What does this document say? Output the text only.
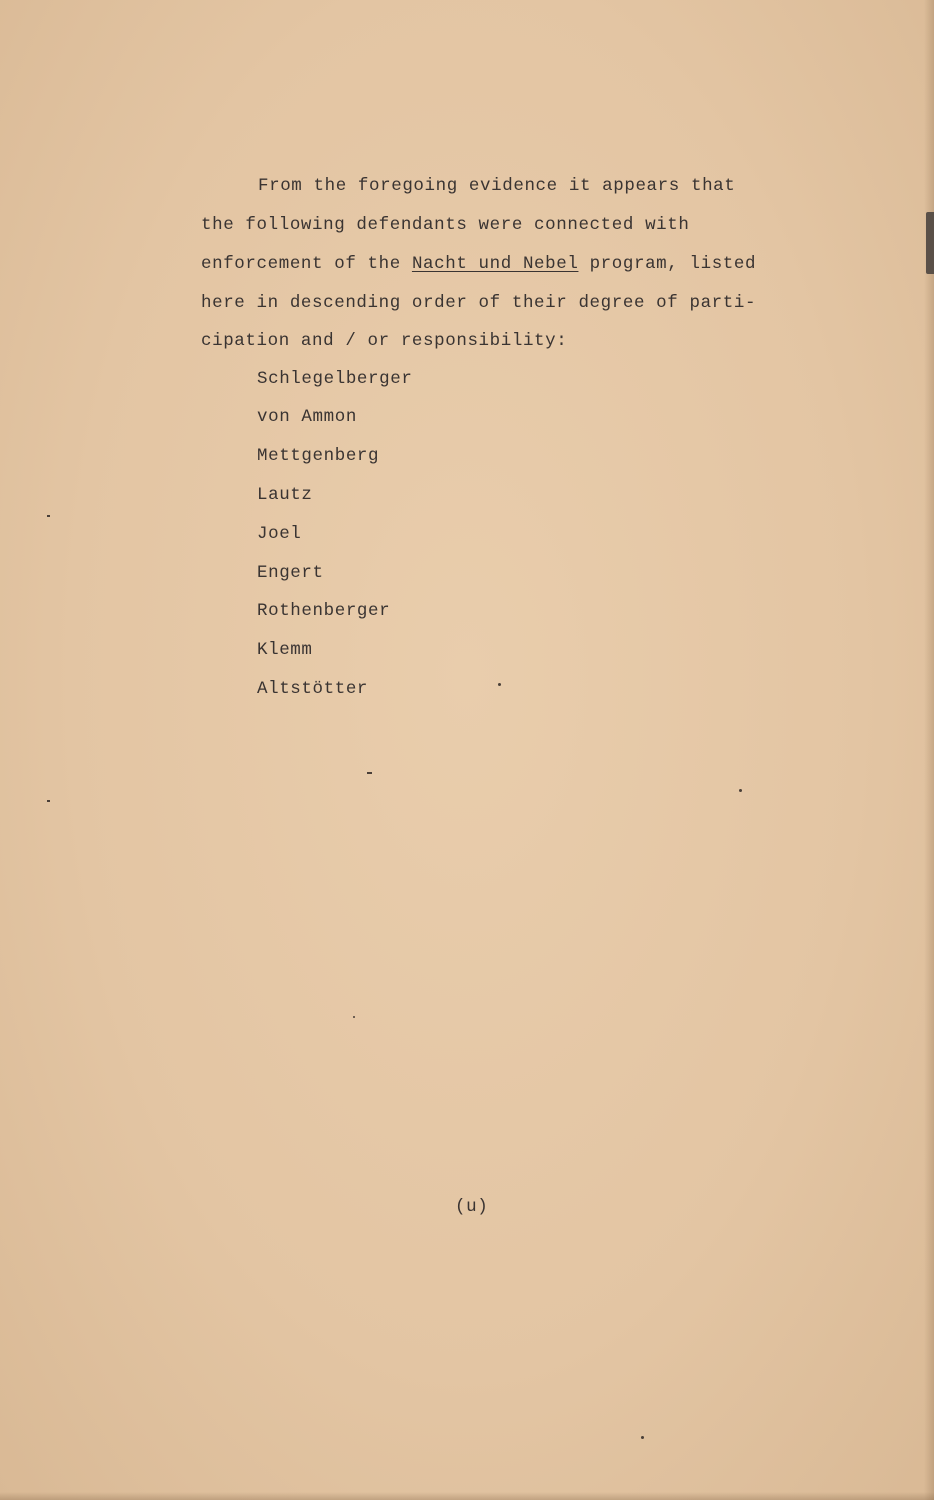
From the foregoing evidence it appears that
the following defendants were connected with
enforcement of the Nacht und Nebel program, listed
here in descending order of their degree of parti-
cipation and / or responsibility:
Schlegelberger
von Ammon
Mettgenberg
Lautz
Joel
Engert
Rothenberger
Klemm
Altstötter
(u)
